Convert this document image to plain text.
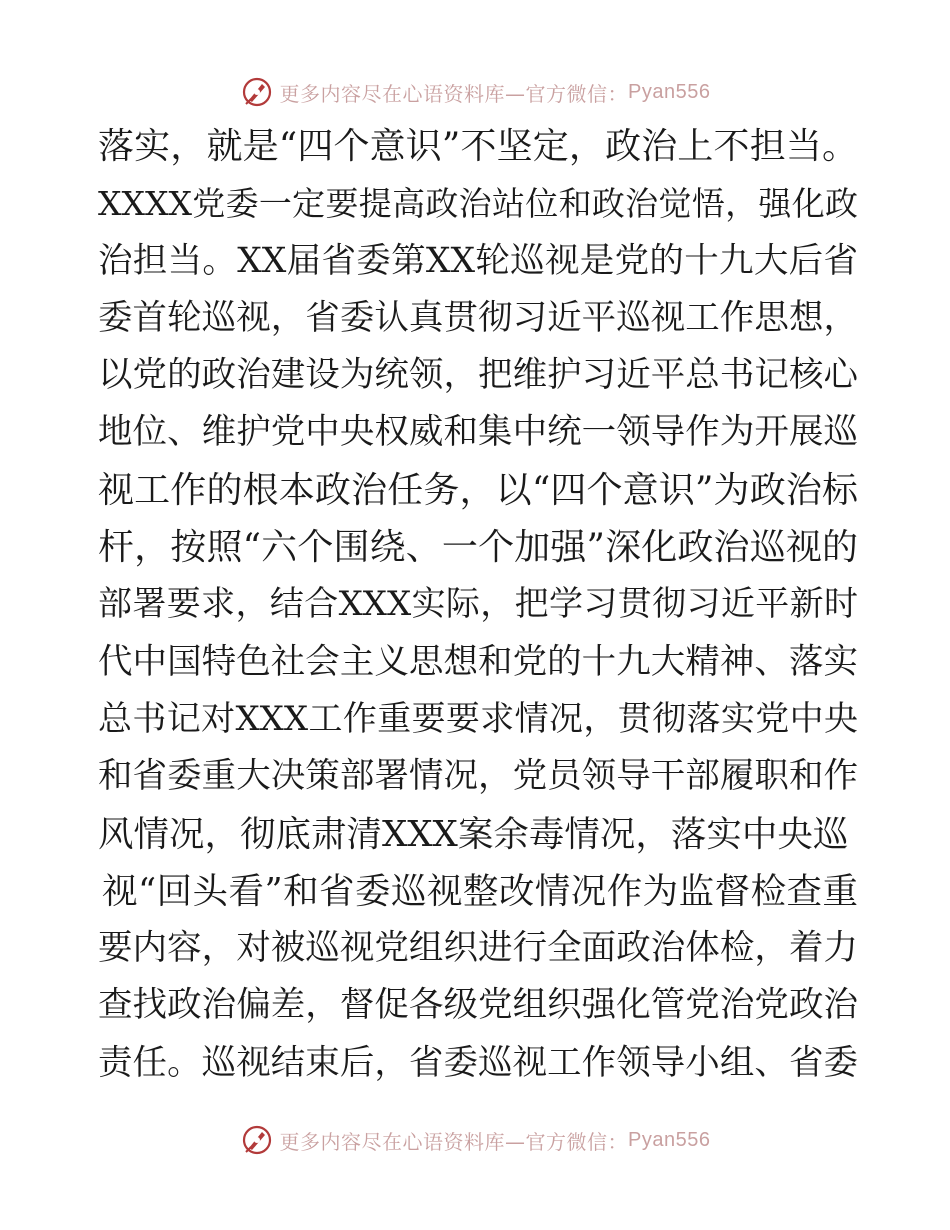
更多内容尽在心语资料库—官方微信： Pyan556
落实，就是“四个意识”不坚定，政治上不担当。
XXXX党委一定要提高政治站位和政治觉悟，强化政
治担当。XX届省委第XX轮巡视是党的十九大后省
委首轮巡视，省委认真贯彻习近平巡视工作思想，
以党的政治建设为统领，把维护习近平总书记核心
地位、维护党中央权威和集中统一领导作为开展巡
视工作的根本政治任务，以“四个意识”为政治标
杆，按照“六个围绕、一个加强”深化政治巡视的
部署要求，结合XXX实际，把学习贯彻习近平新时
代中国特色社会主义思想和党的十九大精神、落实
总书记对XXX工作重要要求情况，贯彻落实党中央
和省委重大决策部署情况，党员领导干部履职和作
风情况，彻底肃清XXX案余毒情况，落实中央巡
视“回头看”和省委巡视整改情况作为监督检查重
要内容，对被巡视党组织进行全面政治体检，着力
查找政治偏差，督促各级党组织强化管党治党政治
责任。巡视结束后，省委巡视工作领导小组、省委
更多内容尽在心语资料库—官方微信： Pyan556
